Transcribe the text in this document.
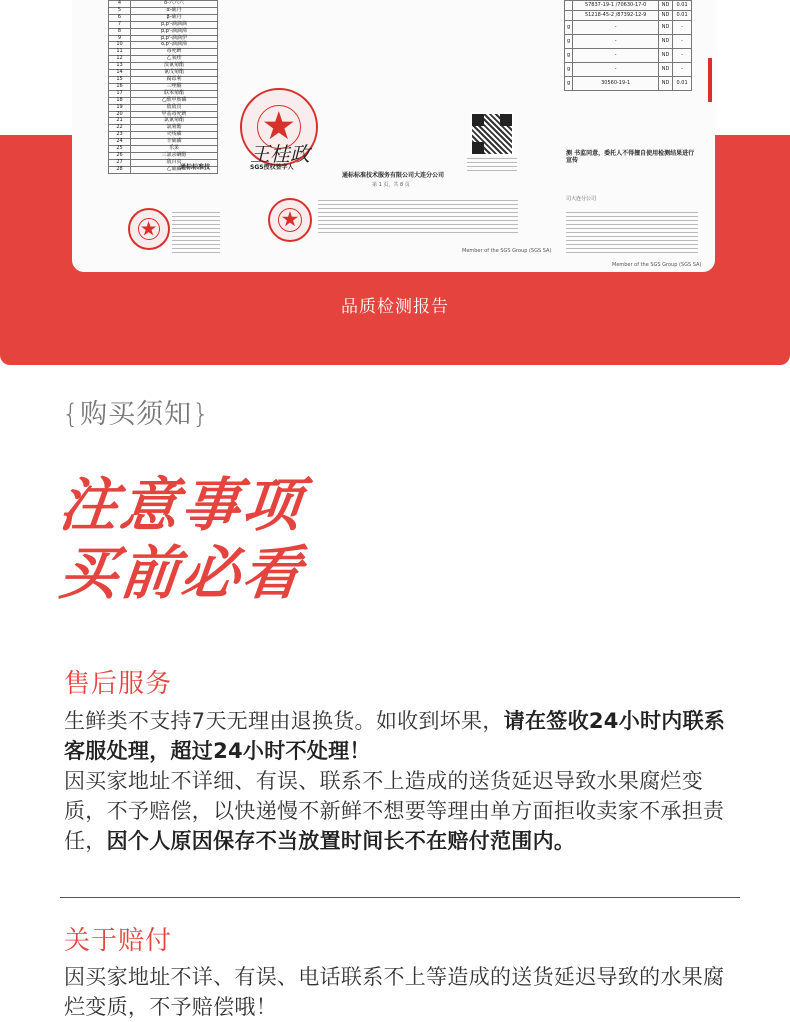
4	δ-六六六
5	α-硫丹
6	β-硫丹
7	p,p'-滴滴滴
8	p,p'-滴滴涕
9	p,p'-滴滴伊
10	o,p'-滴滴涕
11	毒死蜱
12	乙氧喹
13	溴氰菊酯
14	氰戊菊酯
15	腐霉利
16	三唑酮
17	联苯菊酯
18	乙酰甲胺磷
19	敌敌畏
20	甲基毒死蜱
21	氯氰菊酯
22	氯菊酯
23	灭线磷
24	辛硫磷
25	乐果
26	三氯杀螨醇
27	敌百虫
28	乙硫磷
通标标准技
王桂政
SGS授权签字人
通标标准技术服务有限公司大连分公司
第 1 页，共 8 页
Member of the SGS Group (SGS SA)
	57837-19-1 /70630-17-0	ND	0.01
	51218-45-2 /87392-12-9	ND	0.01
g	-	ND	-
g	-	ND	-
g	-	ND	-
g	-	ND	-
g	30560-19-1	ND	0.01
测 书监同意，委托人不得擅自使用检测结果进行宣传
司大连分公司
Member of the SGS Group (SGS SA)
品质检测报告
{购买须知}
注意事项
买前必看
售后服务
生鲜类不支持7天无理由退换货。如收到坏果，请在签收24小时内联系客服处理，超过24小时不处理！
因买家地址不详细、有误、联系不上造成的送货延迟导致水果腐烂变质，不予赔偿，以快递慢不新鲜不想要等理由单方面拒收卖家不承担责任，因个人原因保存不当放置时间长不在赔付范围内。
关于赔付
因买家地址不详、有误、电话联系不上等造成的送货延迟导致的水果腐烂变质，不予赔偿哦！
